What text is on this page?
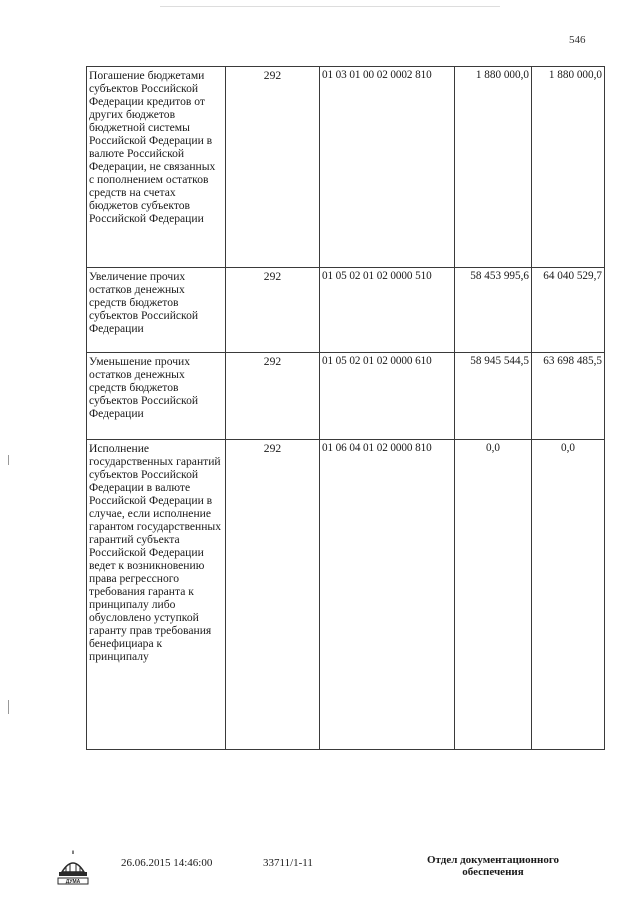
546
Погашение бюджетами субъектов Российской Федерации кредитов от других бюджетов бюджетной системы Российской Федерации в валюте Российской Федерации, не связанных с пополнением остатков средств на счетах бюджетов субъектов Российской Федерации	292	01 03 01 00 02 0002 810	1 880 000,0	1 880 000,0
Увеличение прочих остатков денежных средств бюджетов субъектов Российской Федерации	292	01 05 02 01 02 0000 510	58 453 995,6	64 040 529,7
Уменьшение прочих остатков денежных средств бюджетов субъектов Российской Федерации	292	01 05 02 01 02 0000 610	58 945 544,5	63 698 485,5
Исполнение государственных гарантий субъектов Российской Федерации в валюте Российской Федерации в случае, если исполнение гарантом государственных гарантий субъекта Российской Федерации ведет к возникновению права регрессного требования гаранта к принципалу либо обусловлено уступкой гаранту прав требования бенефициара к принципалу	292	01 06 04 01 02 0000 810	0,0	0,0
ДУМА
26.06.2015 14:46:00	33711/1-11	Отдел документационного
обеспечения
